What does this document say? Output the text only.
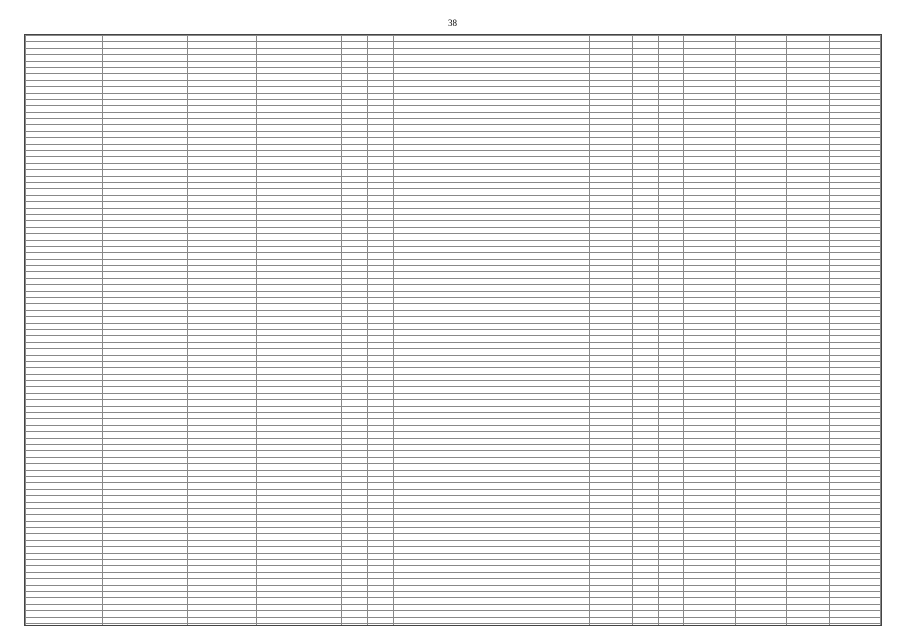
38
